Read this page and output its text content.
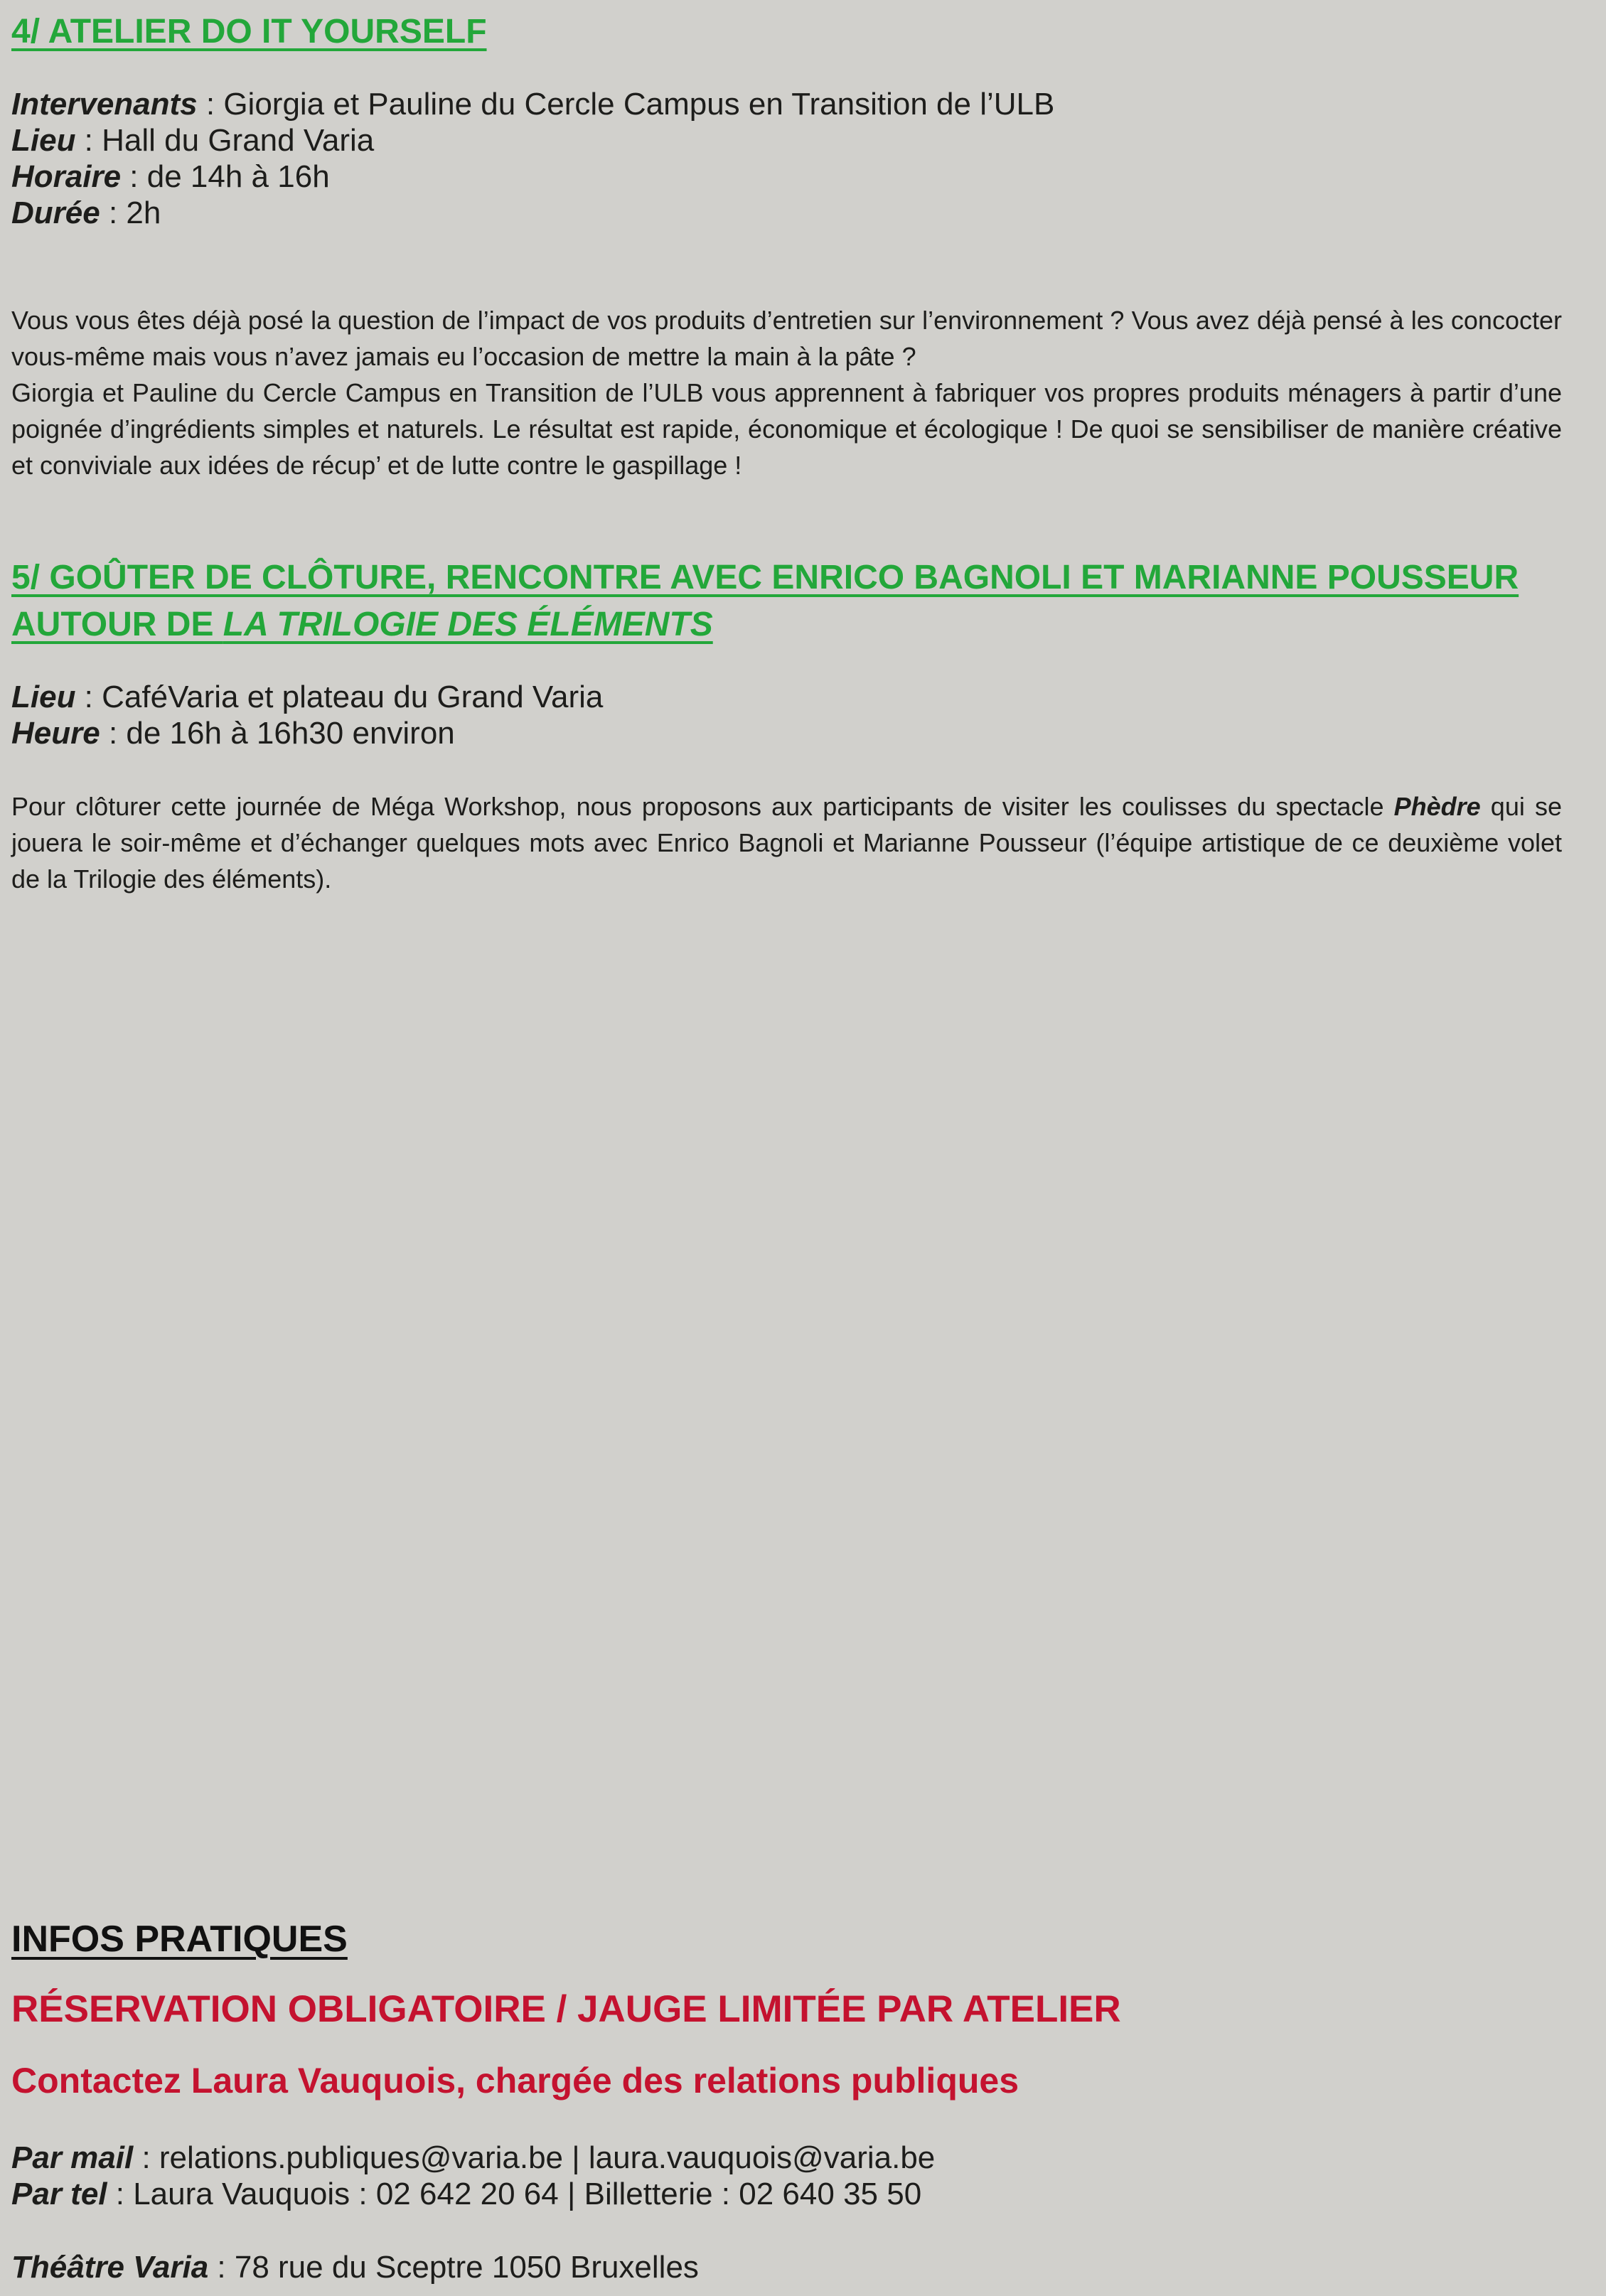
4/ ATELIER DO IT YOURSELF
Intervenants : Giorgia et Pauline du Cercle Campus en Transition de l’ULB
Lieu : Hall du Grand Varia
Horaire : de 14h à 16h
Durée : 2h

Vous vous êtes déjà posé la question de l’impact de vos produits d’entretien sur l’environnement ? Vous avez déjà pensé à les concocter vous-même mais vous n’avez jamais eu l’occasion de mettre la main à la pâte ?

Giorgia et Pauline du Cercle Campus en Transition de l’ULB vous apprennent à fabriquer vos propres produits ménagers à partir d’une poignée d’ingrédients simples et naturels. Le résultat est rapide, économique et écologique ! De quoi se sensibiliser de manière créative et conviviale aux idées de récup’ et de lutte contre le gaspillage !

5/ GOÛTER DE CLÔTURE, RENCONTRE AVEC ENRICO BAGNOLI ET MARIANNE POUSSEUR AUTOUR DE LA TRILOGIE DES ÉLÉMENTS
Lieu : CaféVaria et plateau du Grand Varia
Heure : de 16h à 16h30 environ

Pour clôturer cette journée de Méga Workshop, nous proposons aux participants de visiter les coulisses du spectacle Phèdre qui se jouera le soir-même et d’échanger quelques mots avec Enrico Bagnoli et Marianne Pousseur (l’équipe artistique de ce deuxième volet de la Trilogie des éléments).

INFOS PRATIQUES
RÉSERVATION OBLIGATOIRE / JAUGE LIMITÉE PAR ATELIER
Contactez Laura Vauquois, chargée des relations publiques
Par mail : relations.publiques@varia.be | laura.vauquois@varia.be
Par tel : Laura Vauquois : 02 642 20 64 | Billetterie : 02 640 35 50
Théâtre Varia : 78 rue du Sceptre 1050 Bruxelles
